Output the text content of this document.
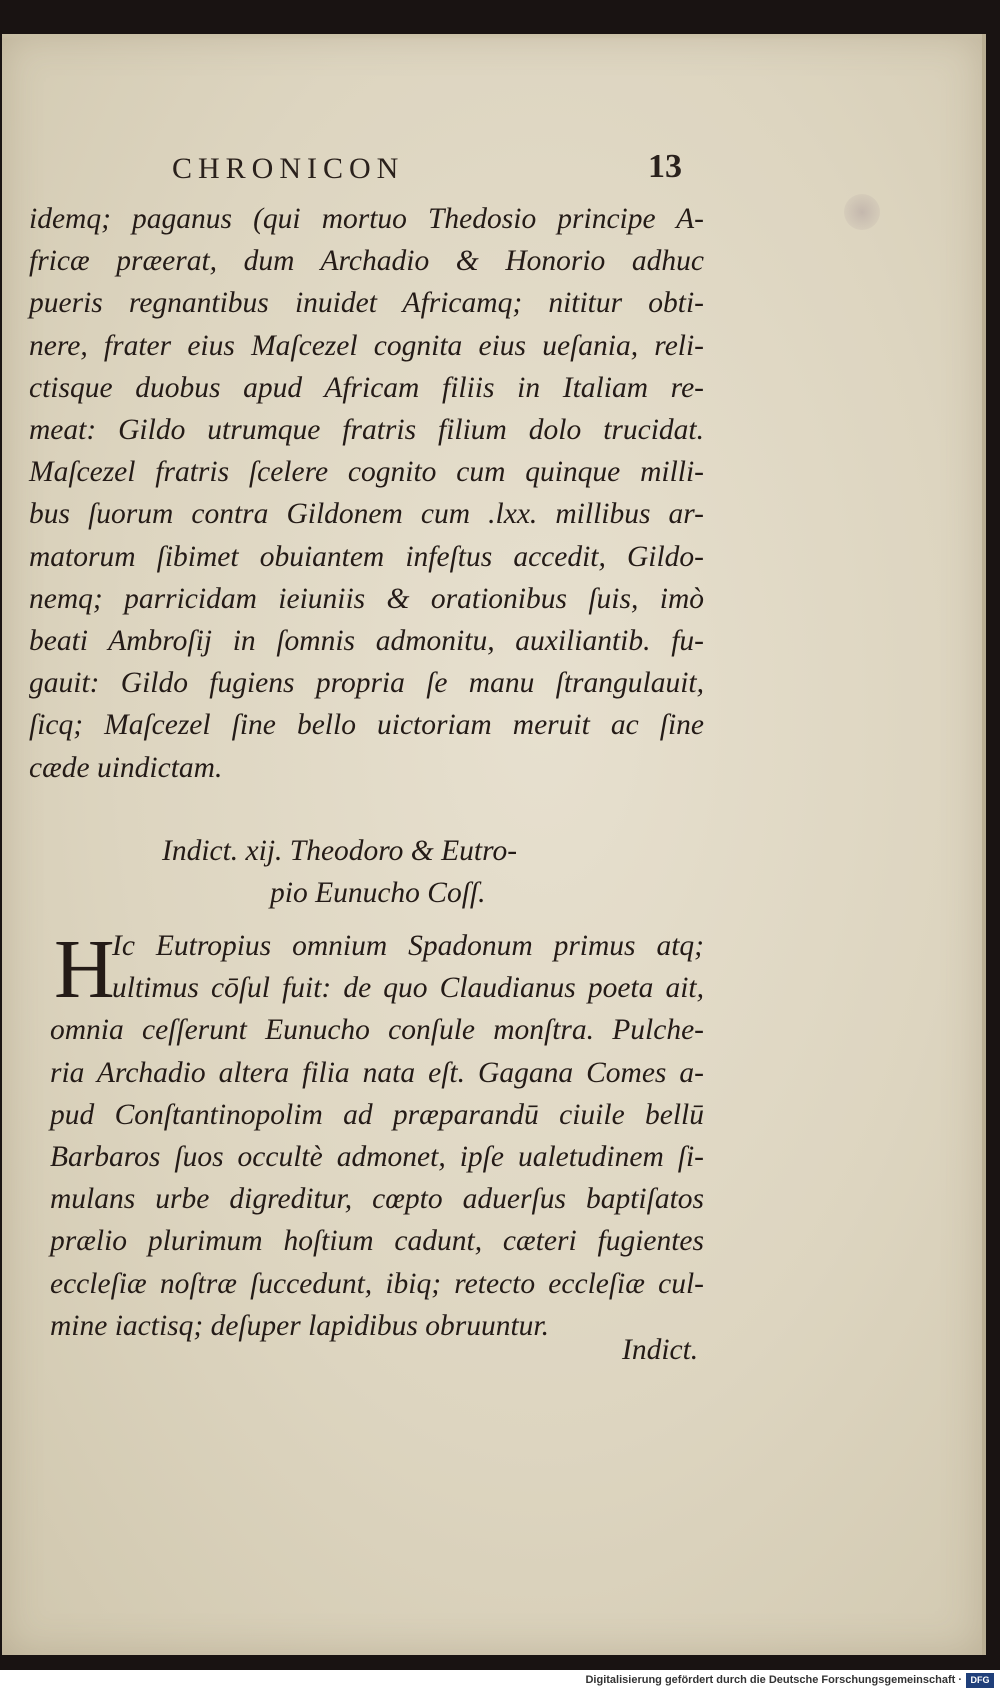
CHRONICON	13
idemq; paganus (qui mortuo Thedosio principe A-
fricæ præerat, dum Archadio & Honorio adhuc
pueris regnantibus inuidet Africamq; nititur obti-
nere, frater eius Maſcezel cognita eius ueſania, reli-
ctisque duobus apud Africam filiis in Italiam re-
meat: Gildo utrumque fratris filium dolo trucidat.
Maſcezel fratris ſcelere cognito cum quinque milli-
bus ſuorum contra Gildonem cum .lxx. millibus ar-
matorum ſibimet obuiantem infeſtus accedit, Gildo-
nemq; parricidam ieiuniis & orationibus ſuis, imò
beati Ambroſij in ſomnis admonitu, auxiliantib. fu-
gauit: Gildo fugiens propria ſe manu ſtrangulauit,
ſicq; Maſcezel ſine bello uictoriam meruit ac ſine
cæde uindictam.
Indict. xij. Theodoro & Eutro-
pio Eunucho Coſſ.
H
Ic Eutropius omnium Spadonum primus atq;
ultimus cōſul fuit: de quo Claudianus poeta ait,
omnia ceſſerunt Eunucho conſule monſtra. Pulche-
ria Archadio altera filia nata eſt. Gagana Comes a-
pud Conſtantinopolim ad præparandū ciuile bellū
Barbaros ſuos occultè admonet, ipſe ualetudinem ſi-
mulans urbe digreditur, cœpto aduerſus baptiſatos
prælio plurimum hoſtium cadunt, cæteri fugientes
eccleſiæ noſtræ ſuccedunt, ibiq; retecto eccleſiæ cul-
mine iactisq; deſuper lapidibus obruuntur.
Indict.
Digitalisierung gefördert durch die Deutsche Forschungsgemeinschaft · DFG
